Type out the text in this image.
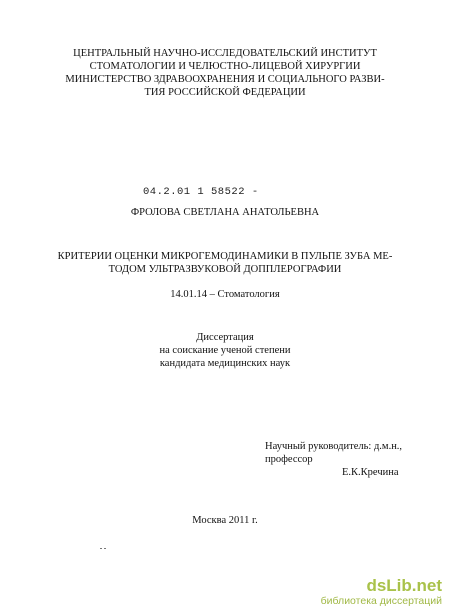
ЦЕНТРАЛЬНЫЙ НАУЧНО-ИССЛЕДОВАТЕЛЬСКИЙ ИНСТИТУТ
СТОМАТОЛОГИИ И ЧЕЛЮСТНО-ЛИЦЕВОЙ ХИРУРГИИ
МИНИСТЕРСТВО ЗДРАВООХРАНЕНИЯ И СОЦИАЛЬНОГО РАЗВИ-
ТИЯ РОССИЙСКОЙ ФЕДЕРАЦИИ
04.2.01 1 58522 -
ФРОЛОВА СВЕТЛАНА АНАТОЛЬЕВНА
КРИТЕРИИ ОЦЕНКИ МИКРОГЕМОДИНАМИКИ В ПУЛЬПЕ ЗУБА МЕ-
ТОДОМ УЛЬТРАЗВУКОВОЙ ДОППЛЕРОГРАФИИ
14.01.14 – Стоматология
Диссертация
на соискание ученой степени
кандидата медицинских наук
Научный руководитель: д.м.н., профессор
Е.К.Кречина
Москва 2011 г.
dsLib.net
библиотека диссертаций
